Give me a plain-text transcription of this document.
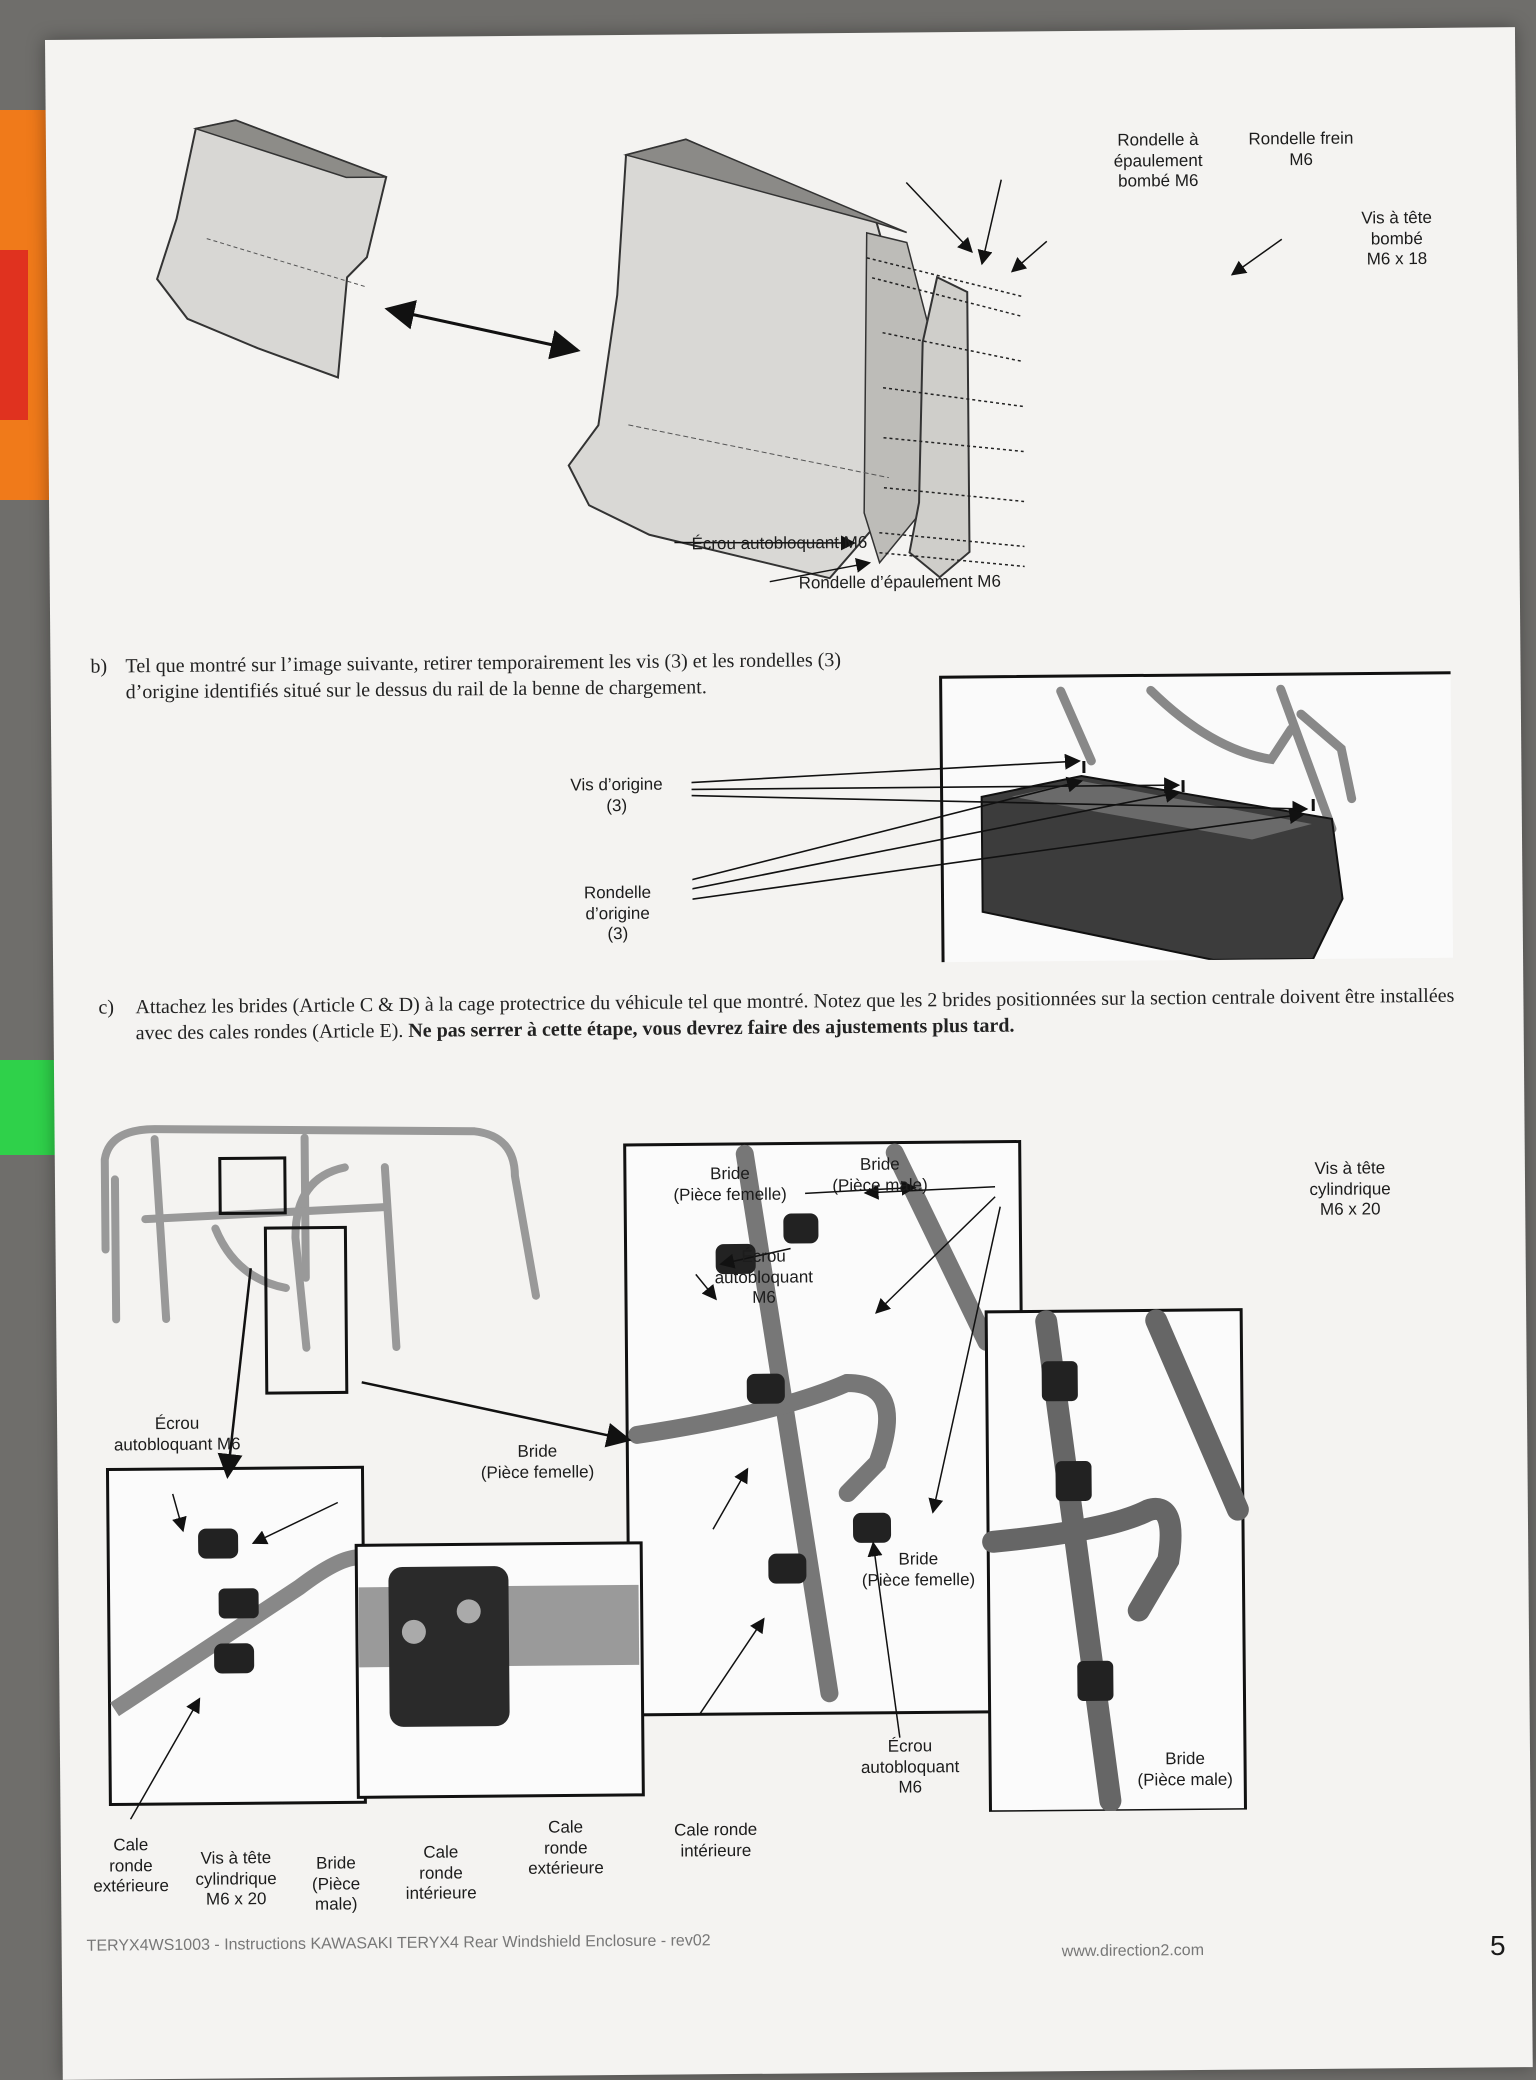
Rondelle à
épaulement
bombé M6
Rondelle frein
M6
Vis à tête
bombé
M6 x 18
Écrou autobloquant M6
Rondelle d’épaulement M6
b) Tel que montré sur l’image suivante, retirer temporairement les vis (3) et les rondelles (3) d’origine identifiés situé sur le dessus du rail de la benne de chargement.
Vis d’origine
(3)
Rondelle
d’origine
(3)
c) Attachez les brides (Article C & D) à la cage protectrice du véhicule tel que montré. Notez que les 2 brides positionnées sur la section centrale doivent être installées avec des cales rondes (Article E). Ne pas serrer à cette étape, vous devrez faire des ajustements plus tard.
Bride
(Pièce femelle)
Bride
(Pièce male)
Vis à tête
cylindrique
M6 x 20
Écrou
autobloquant
M6
Écrou
autobloquant M6	Bride
(Pièce femelle)
Bride
(Pièce femelle)
Écrou
autobloquant
M6
Bride
(Pièce male)
Cale
ronde
extérieure
Vis à tête
cylindrique
M6 x 20
Bride
(Pièce
male)
Cale
ronde
intérieure
Cale
ronde
extérieure
Cale ronde
intérieure
TERYX4WS1003 - Instructions KAWASAKI TERYX4 Rear Windshield Enclosure - rev02	www.direction2.com	5
